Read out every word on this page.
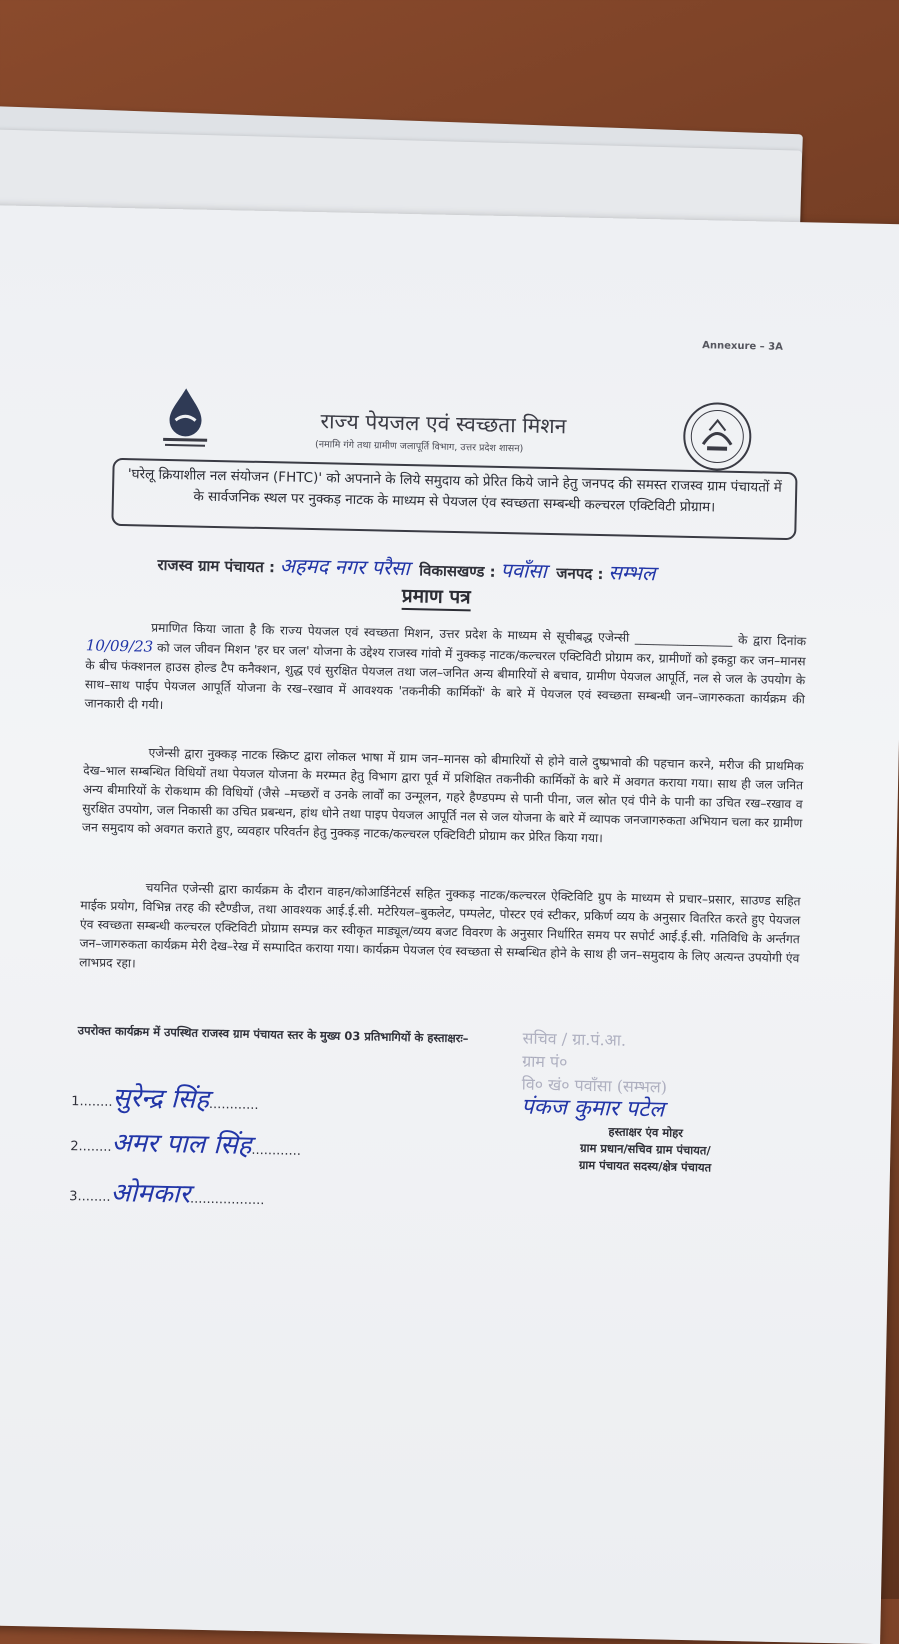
Annexure – 3A
राज्य पेयजल एवं स्वच्छता मिशन
(नमामि गंगे तथा ग्रामीण जलापूर्ति विभाग, उत्तर प्रदेश शासन)
'घरेलू क्रियाशील नल संयोजन (FHTC)' को अपनाने के लिये समुदाय को प्रेरित किये जाने हेतु जनपद की समस्त राजस्व ग्राम पंचायतों में के सार्वजनिक स्थल पर नुक्कड़ नाटक के माध्यम से पेयजल एंव स्वच्छता सम्बन्धी कल्चरल एक्टिविटी प्रोग्राम।
राजस्व ग्राम पंचायत : अहमद नगर परैसा विकासखण्ड : पवाँसा जनपद : सम्भल
प्रमाण पत्र
प्रमाणित किया जाता है कि राज्य पेयजल एवं स्वच्छता मिशन, उत्तर प्रदेश के माध्यम से सूचीबद्ध एजेन्सी ________________ के द्वारा दिनांक 10/09/23 को जल जीवन मिशन 'हर घर जल' योजना के उद्देश्य राजस्व गांवो में नुक्कड़ नाटक/कल्चरल एक्टिविटी प्रोग्राम कर, ग्रामीणों को इकट्ठा कर जन–मानस के बीच फंक्शनल हाउस होल्ड टैप कनैक्शन, शुद्ध एवं सुरक्षित पेयजल तथा जल–जनित अन्य बीमारियों से बचाव, ग्रामीण पेयजल आपूर्ति, नल से जल के उपयोग के साथ–साथ पाईप पेयजल आपूर्ति योजना के रख–रखाव में आवश्यक 'तकनीकी कार्मिकों' के बारे में पेयजल एवं स्वच्छता सम्बन्धी जन–जागरुकता कार्यक्रम की जानकारी दी गयी।
एजेन्सी द्वारा नुक्कड़ नाटक स्क्रिप्ट द्वारा लोकल भाषा में ग्राम जन–मानस को बीमारियों से होने वाले दुष्प्रभावो की पहचान करने, मरीज की प्राथमिक देख–भाल सम्बन्धित विधियों तथा पेयजल योजना के मरम्मत हेतु विभाग द्वारा पूर्व में प्रशिक्षित तकनीकी कार्मिकों के बारे में अवगत कराया गया। साथ ही जल जनित अन्य बीमारियों के रोकथाम की विधियों (जैसे –मच्छरों व उनके लार्वों का उन्मूलन, गहरे हैण्डपम्प से पानी पीना, जल स्रोत एवं पीने के पानी का उचित रख–रखाव व सुरक्षित उपयोग, जल निकासी का उचित प्रबन्धन, हांथ धोने तथा पाइप पेयजल आपूर्ति नल से जल योजना के बारे में व्यापक जनजागरुकता अभियान चला कर ग्रामीण जन समुदाय को अवगत कराते हुए, व्यवहार परिवर्तन हेतु नुक्कड़ नाटक/कल्चरल एक्टिविटी प्रोग्राम कर प्रेरित किया गया।
चयनित एजेन्सी द्वारा कार्यक्रम के दौरान वाहन/कोआर्डिनेटर्स सहित नुक्कड़ नाटक/कल्चरल ऐक्टिविटि ग्रुप के माध्यम से प्रचार–प्रसार, साउण्ड सहित माईक प्रयोग, विभिन्न तरह की स्टैण्डीज, तथा आवश्यक आई.ई.सी. मटेरियल–बुकलेट, पम्पलेट, पोस्टर एवं स्टीकर, प्रकिर्ण व्यय के अनुसार वितरित करते हुए पेयजल एंव स्वच्छता सम्बन्धी कल्चरल एक्टिविटी प्रोग्राम सम्पन्न कर स्वीकृत माड्यूल/व्यय बजट विवरण के अनुसार निर्धारित समय पर सपोर्ट आई.ई.सी. गतिविधि के अर्न्तगत जन–जागरुकता कार्यक्रम मेरी देख–रेख में सम्पादित कराया गया। कार्यक्रम पेयजल एंव स्वच्छता से सम्बन्धित होने के साथ ही जन–समुदाय के लिए अत्यन्त उपयोगी एंव लाभप्रद रहा।
उपरोक्त कार्यक्रम में उपस्थित राजस्व ग्राम पंचायत स्तर के मुख्य 03 प्रतिभागियों के हस्ताक्षरः–
1........सुरेन्द्र सिंह............
2........अमर पाल सिंह............
3........ओमकार..................
सचिव / ग्रा.पं.आ.
ग्राम पं०
वि० खं० पवाँसा (सम्भल)
पंकज कुमार पटेल
हस्ताक्षर एंव मोहर
ग्राम प्रधान/सचिव ग्राम पंचायत/
ग्राम पंचायत सदस्य/क्षेत्र पंचायत
